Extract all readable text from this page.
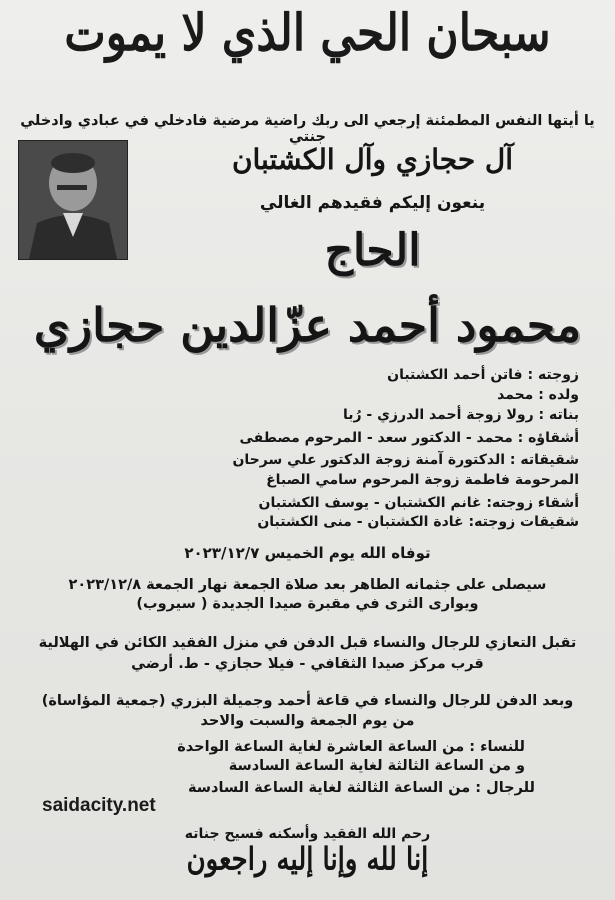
سبحان الحي الذي لا يموت
يا أيتها النفس المطمئنة إرجعي الى ربك راضية مرضية فادخلي في عبادي وادخلي جنتي
آل حجازي وآل الكشتبان
ينعون إليكم فقيدهم الغالي
الحاج
محمود أحمد عزّالدين حجازي
زوجته : فاتن أحمد الكشتبان
ولده : محمد
بناته : رولا زوجة أحمد الدرزي - رُبا
أشقاؤه : محمد - الدكتور سعد - المرحوم مصطفى
شقيقاته : الدكتورة آمنة زوجة الدكتور علي سرحان
المرحومة فاطمة زوجة المرحوم سامي الصباغ
أشقاء زوجته: غانم الكشتبان - يوسف الكشتبان
شقيقات زوجته: غادة الكشتبان - منى الكشتبان
توفاه الله يوم الخميس ٢٠٢٣/١٢/٧
سيصلى على جثمانه الطاهر بعد صلاة الجمعة نهار الجمعة ٢٠٢٣/١٢/٨
ويوارى الثرى في مقبرة صيدا الجديدة ( سيروب)
تقبل التعازي للرجال والنساء قبل الدفن في منزل الفقيد الكائن في الهلالية
قرب مركز صيدا الثقافي - فيلا حجازي - ط. أرضي
وبعد الدفن للرجال والنساء في قاعة أحمد وجميلة البزري (جمعية المؤاساة)
من يوم الجمعة والسبت والاحد
للنساء : من الساعة العاشرة لغاية الساعة الواحدة
و من الساعة الثالثة لغاية الساعة السادسة
للرجال : من الساعة الثالثة لغاية الساعة السادسة
saidacity.net
رحم الله الفقيد وأسكنه فسيح جناته
إنا لله وإنا إليه راجعون
